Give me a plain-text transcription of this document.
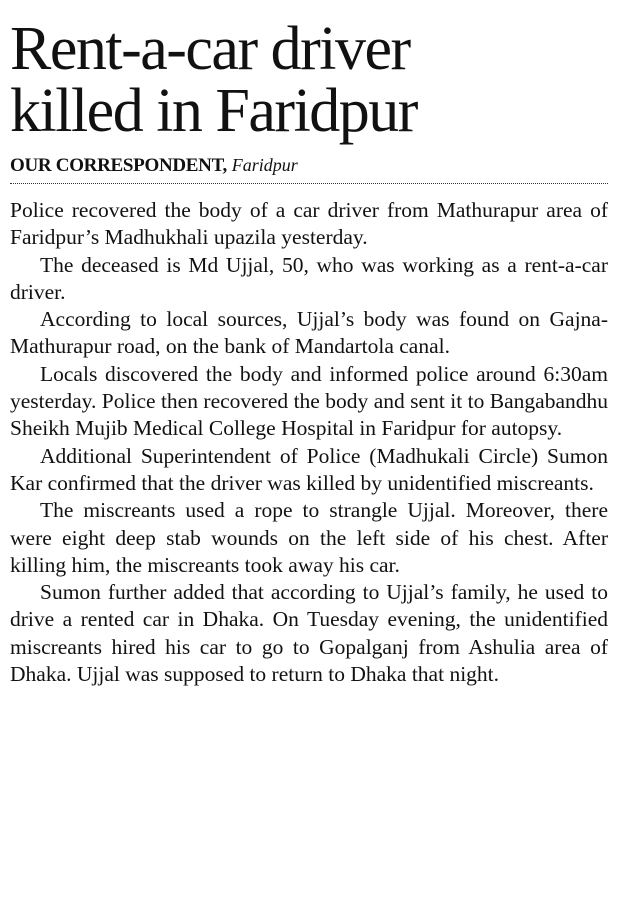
Rent-a-car driver
killed in Faridpur
OUR CORRESPONDENT, Faridpur

Police recovered the body of a car driver from Mathurapur area of Faridpur’s Madhukhali upazila yesterday.

The deceased is Md Ujjal, 50, who was working as a rent-a-car driver.

According to local sources, Ujjal’s body was found on Gajna-Mathurapur road, on the bank of Mandartola canal.

Locals discovered the body and informed police around 6:30am yesterday. Police then recovered the body and sent it to Bangabandhu Sheikh Mujib Medical College Hospital in Faridpur for autopsy.

Additional Superintendent of Police (Madhukali Circle) Sumon Kar confirmed that the driver was killed by unidentified miscreants.

The miscreants used a rope to strangle Ujjal. Moreover, there were eight deep stab wounds on the left side of his chest. After killing him, the miscreants took away his car.

Sumon further added that according to Ujjal’s family, he used to drive a rented car in Dhaka. On Tuesday evening, the unidentified miscreants hired his car to go to Gopalganj from Ashulia area of Dhaka. Ujjal was supposed to return to Dhaka that night.
